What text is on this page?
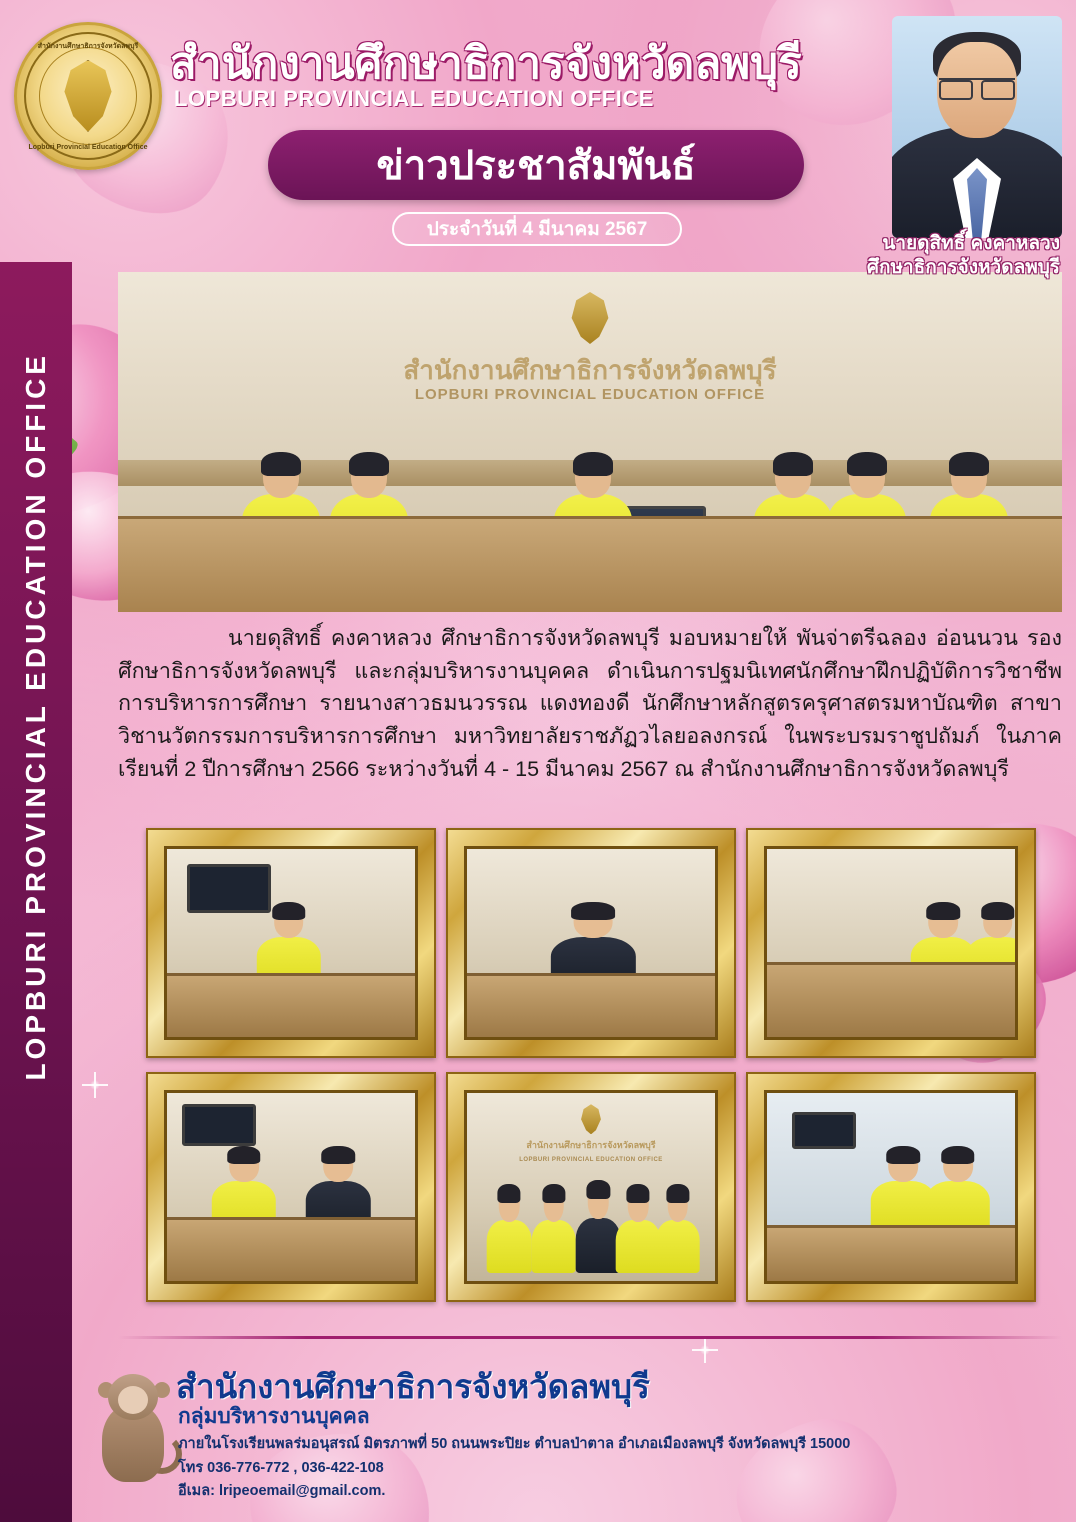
สำนักงานศึกษาธิการจังหวัดลพบุรี
Lopburi Provincial Education Office
สำนักงานศึกษาธิการจังหวัดลพบุรี
LOPBURI PROVINCIAL EDUCATION OFFICE
ข่าวประชาสัมพันธ์
ประจำวันที่ 4 มีนาคม 2567
นายดุสิทธิ์ คงคาหลวง
ศึกษาธิการจังหวัดลพบุรี
LOPBURI PROVINCIAL EDUCATION OFFICE	สำนักงานศึกษาธิการจังหวัดลพบุรี
LOPBURI PROVINCIAL EDUCATION OFFICE

นายดุสิทธิ์ คงคาหลวง ศึกษาธิการจังหวัดลพบุรี มอบหมายให้ พันจ่าตรีฉลอง อ่อนนวน รองศึกษาธิการจังหวัดลพบุรี และกลุ่มบริหารงานบุคคล ดำเนินการปฐมนิเทศนักศึกษาฝึกปฏิบัติการวิชาชีพการบริหารการศึกษา รายนางสาวธมนวรรณ แดงทองดี นักศึกษาหลักสูตรครุศาสตรมหาบัณฑิต สาขาวิชานวัตกรรมการบริหารการศึกษา มหาวิทยาลัยราชภัฏวไลยอลงกรณ์ ในพระบรมราชูปถัมภ์ ในภาคเรียนที่ 2 ปีการศึกษา 2566 ระหว่างวันที่ 4 - 15 มีนาคม 2567 ณ สำนักงานศึกษาธิการจังหวัดลพบุรี

สำนักงานศึกษาธิการจังหวัดลพบุรี
LOPBURI PROVINCIAL EDUCATION OFFICE
สำนักงานศึกษาธิการจังหวัดลพบุรี
กลุ่มบริหารงานบุคคล
ภายในโรงเรียนพลร่มอนุสรณ์ มิตรภาพที่ 50 ถนนพระปิยะ ตำบลป่าตาล อำเภอเมืองลพบุรี จังหวัดลพบุรี 15000
โทร 036-776-772 , 036-422-108
อีเมล: lripeoemail@gmail.com.
